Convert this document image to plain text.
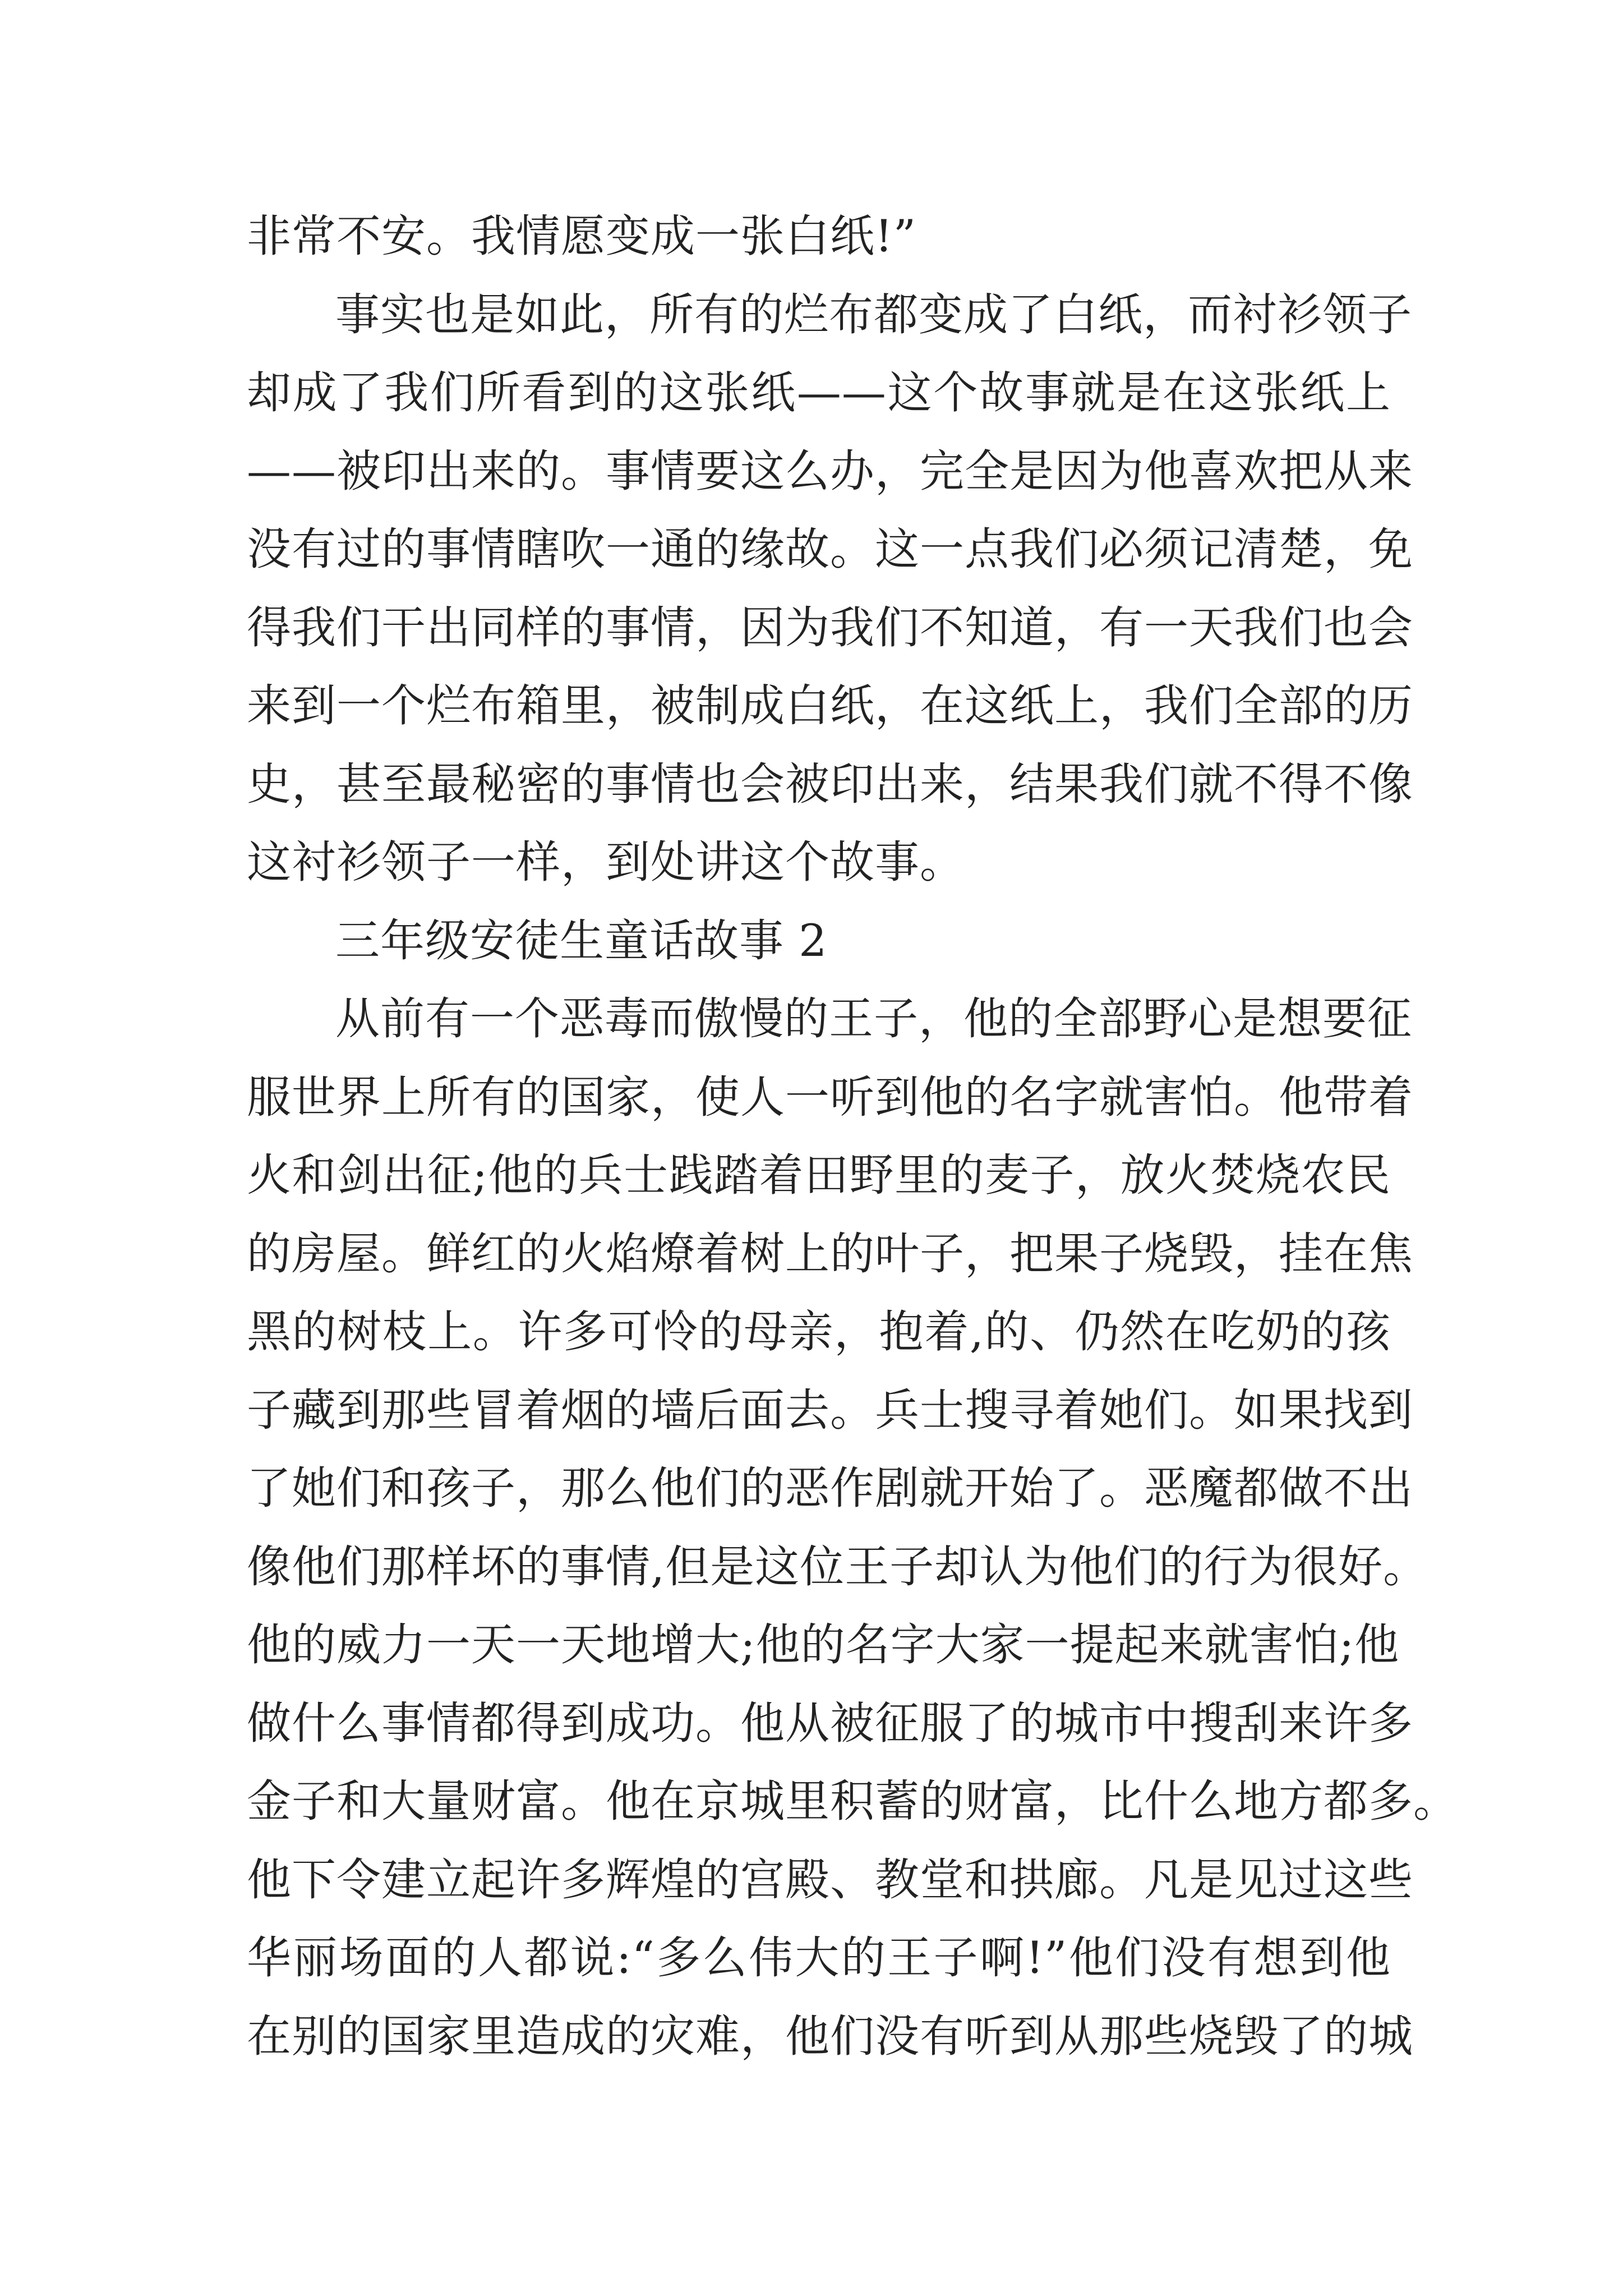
非常不安。我情愿变成一张白纸!”
事实也是如此，所有的烂布都变成了白纸，而衬衫领子
却成了我们所看到的这张纸——这个故事就是在这张纸上
——被印出来的。事情要这么办，完全是因为他喜欢把从来
没有过的事情瞎吹一通的缘故。这一点我们必须记清楚，免
得我们干出同样的事情，因为我们不知道，有一天我们也会
来到一个烂布箱里，被制成白纸，在这纸上，我们全部的历
史，甚至最秘密的事情也会被印出来，结果我们就不得不像
这衬衫领子一样，到处讲这个故事。
三年级安徒生童话故事 2
从前有一个恶毒而傲慢的王子，他的全部野心是想要征
服世界上所有的国家，使人一听到他的名字就害怕。他带着
火和剑出征;他的兵士践踏着田野里的麦子，放火焚烧农民
的房屋。鲜红的火焰燎着树上的叶子，把果子烧毁，挂在焦
黑的树枝上。许多可怜的母亲，抱着,的、仍然在吃奶的孩
子藏到那些冒着烟的墙后面去。兵士搜寻着她们。如果找到
了她们和孩子，那么他们的恶作剧就开始了。恶魔都做不出
像他们那样坏的事情,但是这位王子却认为他们的行为很好。
他的威力一天一天地增大;他的名字大家一提起来就害怕;他
做什么事情都得到成功。他从被征服了的城市中搜刮来许多
金子和大量财富。他在京城里积蓄的财富，比什么地方都多。
他下令建立起许多辉煌的宫殿、教堂和拱廊。凡是见过这些
华丽场面的人都说:“多么伟大的王子啊!”他们没有想到他
在别的国家里造成的灾难，他们没有听到从那些烧毁了的城
